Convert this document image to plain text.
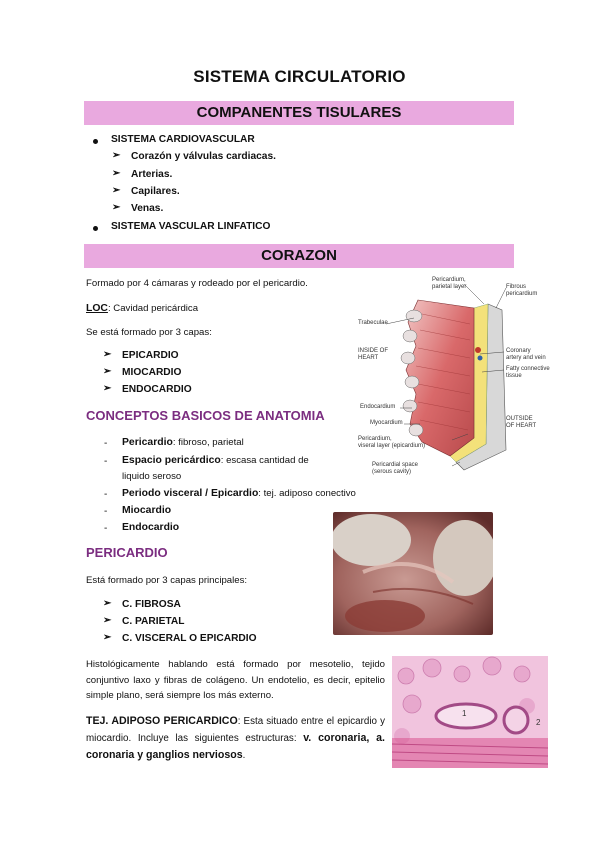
SISTEMA CIRCULATORIO
COMPANENTES TISULARES
SISTEMA CARDIOVASCULAR
➢ Corazón y válvulas cardiacas.
➢ Arterias.
➢ Capilares.
➢ Venas.
SISTEMA VASCULAR LINFATICO
CORAZON
Formado por 4 cámaras y rodeado por el pericardio.
LOC: Cavidad pericárdica
Se está formado por 3 capas:
➢ EPICARDIO
➢ MIOCARDIO
➢ ENDOCARDIO
CONCEPTOS BASICOS DE ANATOMIA
- Pericardio: fibroso, parietal
- Espacio pericárdico: escasa cantidad de
liquido seroso
- Periodo visceral / Epicardio: tej. adiposo conectivo
- Miocardio
- Endocardio
PERICARDIO
Está formado por 3 capas principales:
➢ C. FIBROSA
➢ C. PARIETAL
➢ C. VISCERAL O EPICARDIO
Histológicamente hablando está formado por mesotelio, tejido conjuntivo laxo y fibras de colágeno. Un endotelio, es decir, epitelio simple plano, será siempre los más externo.
TEJ. ADIPOSO PERICARDICO: Esta situado entre el epicardio y miocardio. Incluye las siguientes estructuras: v. coronaria, a. coronaria y ganglios nerviosos.
Pericardium,
parietal layer	Fibrous
pericardium
Trabeculae
INSIDE OF
HEART
Coronary
artery and vein
Fatty connective
tissue
Endocardium
OUTSIDE
OF HEART
Myocardium
Pericardium,
viseral layer (epicardium)
Pericardial space
(serous cavity)
1
2
